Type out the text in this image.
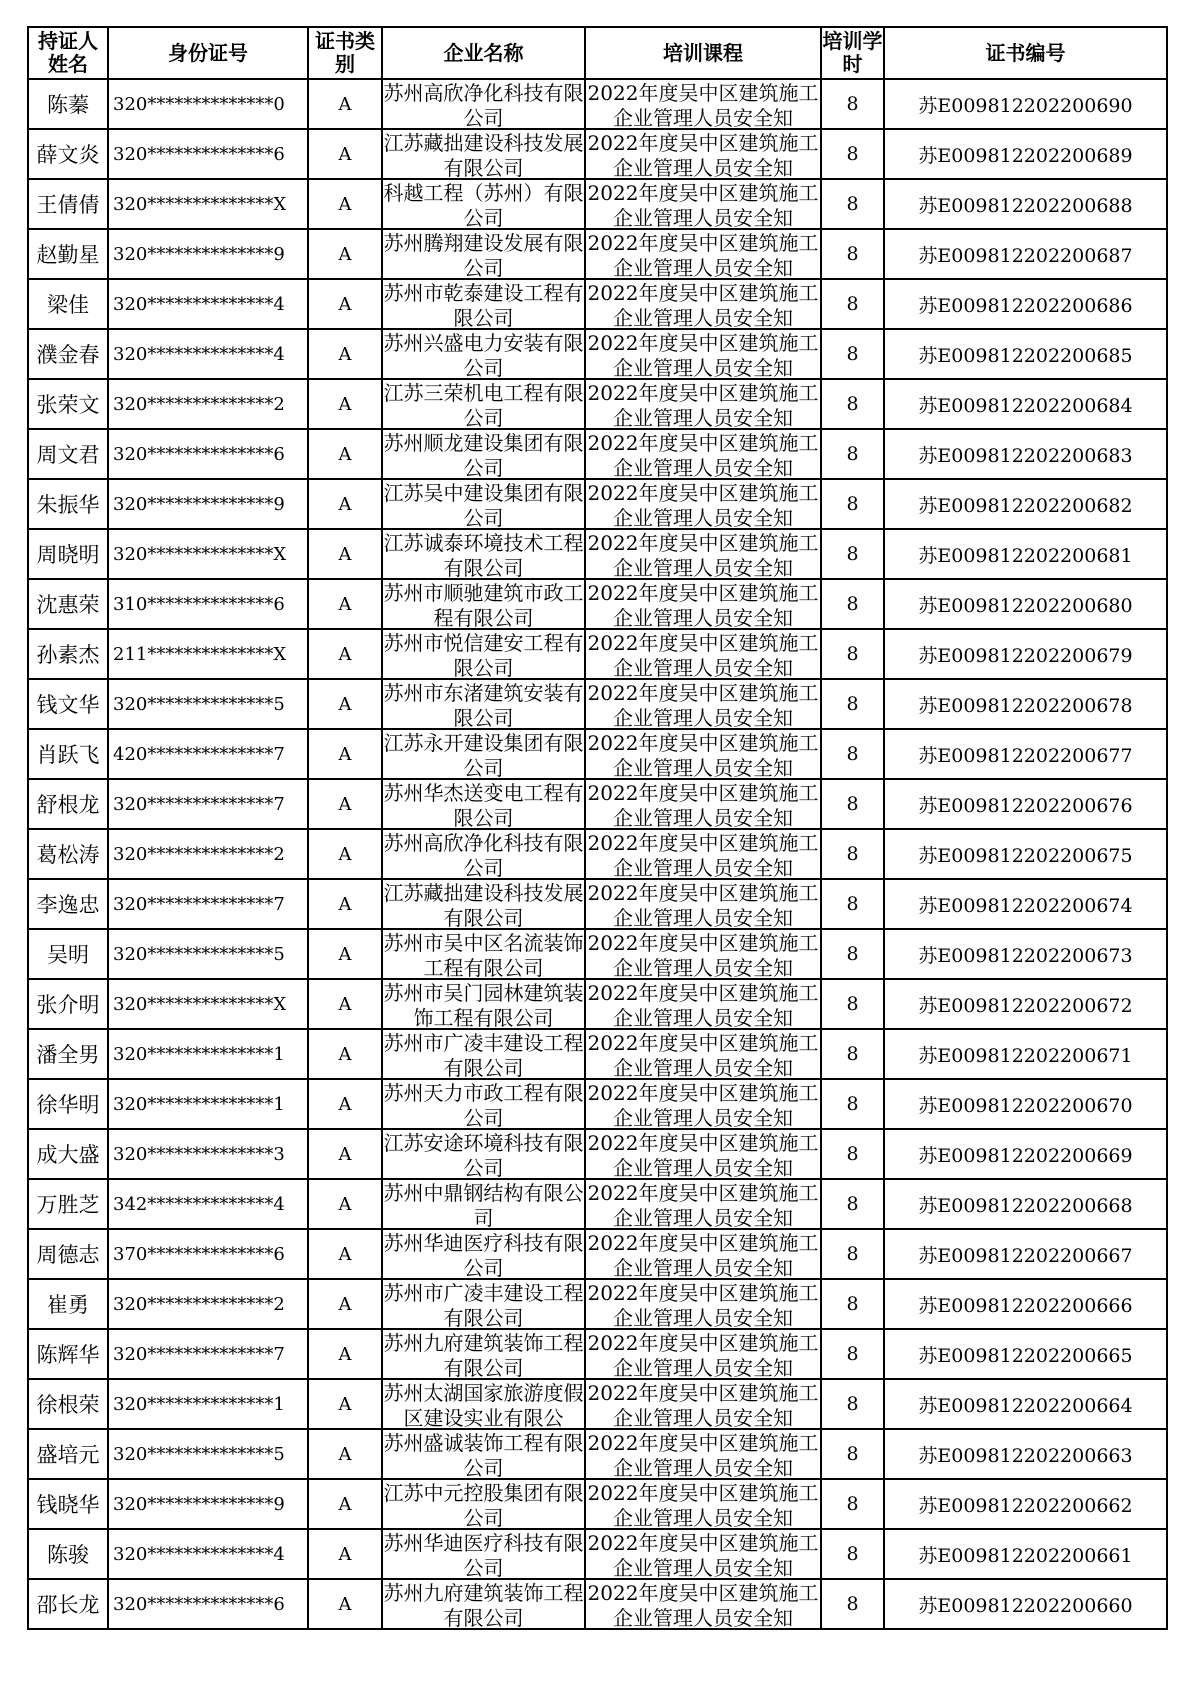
持证人姓名	身份证号	证书类别	企业名称	培训课程	培训学时	证书编号
陈蓁	320**************0	A	苏州高欣净化科技有限公司	2022年度吴中区建筑施工企业管理人员安全知	8	苏E009812202200690
薛文炎	320**************6	A	江苏藏拙建设科技发展有限公司	2022年度吴中区建筑施工企业管理人员安全知	8	苏E009812202200689
王倩倩	320**************X	A	科越工程（苏州）有限公司	2022年度吴中区建筑施工企业管理人员安全知	8	苏E009812202200688
赵勤星	320**************9	A	苏州腾翔建设发展有限公司	2022年度吴中区建筑施工企业管理人员安全知	8	苏E009812202200687
梁佳	320**************4	A	苏州市乾泰建设工程有限公司	2022年度吴中区建筑施工企业管理人员安全知	8	苏E009812202200686
濮金春	320**************4	A	苏州兴盛电力安装有限公司	2022年度吴中区建筑施工企业管理人员安全知	8	苏E009812202200685
张荣文	320**************2	A	江苏三荣机电工程有限公司	2022年度吴中区建筑施工企业管理人员安全知	8	苏E009812202200684
周文君	320**************6	A	苏州顺龙建设集团有限公司	2022年度吴中区建筑施工企业管理人员安全知	8	苏E009812202200683
朱振华	320**************9	A	江苏吴中建设集团有限公司	2022年度吴中区建筑施工企业管理人员安全知	8	苏E009812202200682
周晓明	320**************X	A	江苏诚泰环境技术工程有限公司	2022年度吴中区建筑施工企业管理人员安全知	8	苏E009812202200681
沈惠荣	310**************6	A	苏州市顺驰建筑市政工程有限公司	2022年度吴中区建筑施工企业管理人员安全知	8	苏E009812202200680
孙素杰	211**************X	A	苏州市悦信建安工程有限公司	2022年度吴中区建筑施工企业管理人员安全知	8	苏E009812202200679
钱文华	320**************5	A	苏州市东渚建筑安装有限公司	2022年度吴中区建筑施工企业管理人员安全知	8	苏E009812202200678
肖跃飞	420**************7	A	江苏永开建设集团有限公司	2022年度吴中区建筑施工企业管理人员安全知	8	苏E009812202200677
舒根龙	320**************7	A	苏州华杰送变电工程有限公司	2022年度吴中区建筑施工企业管理人员安全知	8	苏E009812202200676
葛松涛	320**************2	A	苏州高欣净化科技有限公司	2022年度吴中区建筑施工企业管理人员安全知	8	苏E009812202200675
李逸忠	320**************7	A	江苏藏拙建设科技发展有限公司	2022年度吴中区建筑施工企业管理人员安全知	8	苏E009812202200674
吴明	320**************5	A	苏州市吴中区名流装饰工程有限公司	2022年度吴中区建筑施工企业管理人员安全知	8	苏E009812202200673
张介明	320**************X	A	苏州市吴门园林建筑装饰工程有限公司	2022年度吴中区建筑施工企业管理人员安全知	8	苏E009812202200672
潘全男	320**************1	A	苏州市广凌丰建设工程有限公司	2022年度吴中区建筑施工企业管理人员安全知	8	苏E009812202200671
徐华明	320**************1	A	苏州天力市政工程有限公司	2022年度吴中区建筑施工企业管理人员安全知	8	苏E009812202200670
成大盛	320**************3	A	江苏安途环境科技有限公司	2022年度吴中区建筑施工企业管理人员安全知	8	苏E009812202200669
万胜芝	342**************4	A	苏州中鼎钢结构有限公司	2022年度吴中区建筑施工企业管理人员安全知	8	苏E009812202200668
周德志	370**************6	A	苏州华迪医疗科技有限公司	2022年度吴中区建筑施工企业管理人员安全知	8	苏E009812202200667
崔勇	320**************2	A	苏州市广凌丰建设工程有限公司	2022年度吴中区建筑施工企业管理人员安全知	8	苏E009812202200666
陈辉华	320**************7	A	苏州九府建筑装饰工程有限公司	2022年度吴中区建筑施工企业管理人员安全知	8	苏E009812202200665
徐根荣	320**************1	A	苏州太湖国家旅游度假区建设实业有限公	2022年度吴中区建筑施工企业管理人员安全知	8	苏E009812202200664
盛培元	320**************5	A	苏州盛诚装饰工程有限公司	2022年度吴中区建筑施工企业管理人员安全知	8	苏E009812202200663
钱晓华	320**************9	A	江苏中元控股集团有限公司	2022年度吴中区建筑施工企业管理人员安全知	8	苏E009812202200662
陈骏	320**************4	A	苏州华迪医疗科技有限公司	2022年度吴中区建筑施工企业管理人员安全知	8	苏E009812202200661
邵长龙	320**************6	A	苏州九府建筑装饰工程有限公司	2022年度吴中区建筑施工企业管理人员安全知	8	苏E009812202200660
